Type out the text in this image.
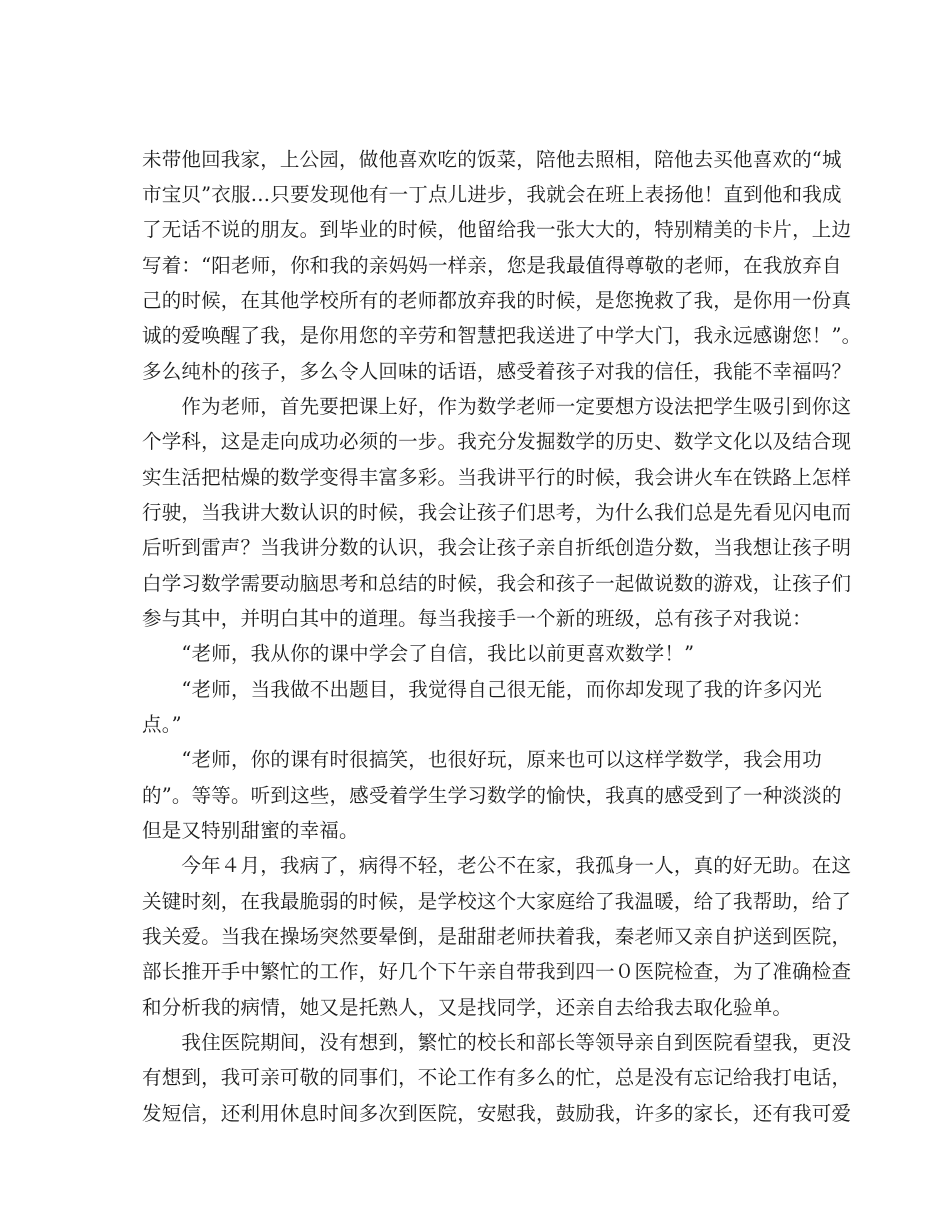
未带他回我家，上公园，做他喜欢吃的饭菜，陪他去照相，陪他去买他喜欢的“城
市宝贝”衣服…只要发现他有一丁点儿进步，我就会在班上表扬他！直到他和我成
了无话不说的朋友。到毕业的时候，他留给我一张大大的，特别精美的卡片，上边
写着：“阳老师，你和我的亲妈妈一样亲，您是我最值得尊敬的老师，在我放弃自
己的时候，在其他学校所有的老师都放弃我的时候，是您挽救了我，是你用一份真
诚的爱唤醒了我，是你用您的辛劳和智慧把我送进了中学大门，我永远感谢您！”。
多么纯朴的孩子，多么令人回味的话语，感受着孩子对我的信任，我能不幸福吗？
　　作为老师，首先要把课上好，作为数学老师一定要想方设法把学生吸引到你这
个学科，这是走向成功必须的一步。我充分发掘数学的历史、数学文化以及结合现
实生活把枯燥的数学变得丰富多彩。当我讲平行的时候，我会讲火车在铁路上怎样
行驶，当我讲大数认识的时候，我会让孩子们思考，为什么我们总是先看见闪电而
后听到雷声？当我讲分数的认识，我会让孩子亲自折纸创造分数，当我想让孩子明
白学习数学需要动脑思考和总结的时候，我会和孩子一起做说数的游戏，让孩子们
参与其中，并明白其中的道理。每当我接手一个新的班级，总有孩子对我说：
　　“老师，我从你的课中学会了自信，我比以前更喜欢数学！”
　　“老师，当我做不出题目，我觉得自己很无能，而你却发现了我的许多闪光
点。”
　　“老师，你的课有时很搞笑，也很好玩，原来也可以这样学数学，我会用功
的”。等等。听到这些，感受着学生学习数学的愉快，我真的感受到了一种淡淡的
但是又特别甜蜜的幸福。
　　今年４月，我病了，病得不轻，老公不在家，我孤身一人，真的好无助。在这
关键时刻，在我最脆弱的时候，是学校这个大家庭给了我温暖，给了我帮助，给了
我关爱。当我在操场突然要晕倒，是甜甜老师扶着我，秦老师又亲自护送到医院，
部长推开手中繁忙的工作，好几个下午亲自带我到四一０医院检查，为了准确检查
和分析我的病情，她又是托熟人，又是找同学，还亲自去给我去取化验单。
　　我住医院期间，没有想到，繁忙的校长和部长等领导亲自到医院看望我，更没
有想到，我可亲可敬的同事们，不论工作有多么的忙，总是没有忘记给我打电话，
发短信，还利用休息时间多次到医院，安慰我，鼓励我，许多的家长，还有我可爱
